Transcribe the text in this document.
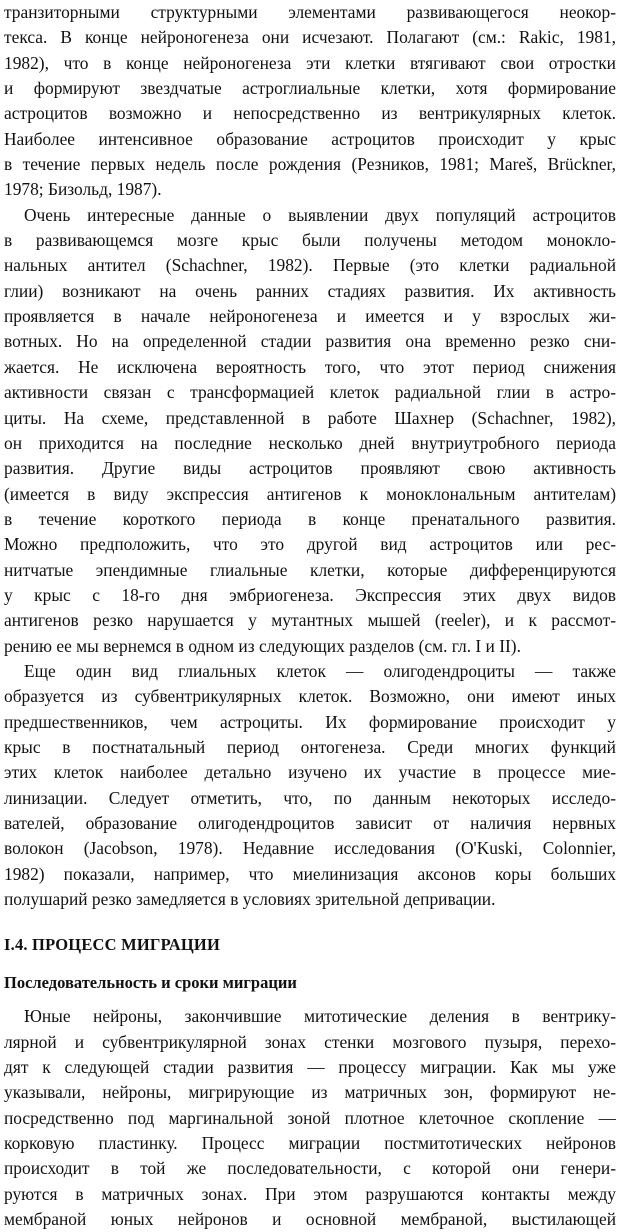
транзиторными структурными элементами развивающегося неокор-
текса. В конце нейроногенеза они исчезают. Полагают (см.: Rakic, 1981,
1982), что в конце нейроногенеза эти клетки втягивают свои отростки
и формируют звездчатые астроглиальные клетки, хотя формирование
астроцитов возможно и непосредственно из вентрикулярных клеток.
Наиболее интенсивное образование астроцитов происходит у крыс
в течение первых недель после рождения (Резников, 1981; Mareš, Brückner,
1978; Бизольд, 1987).
Очень интересные данные о выявлении двух популяций астроцитов
в развивающемся мозге крыс были получены методом моноклo-
нальных антител (Schachner, 1982). Первые (это клетки радиальной
глии) возникают на очень ранних стадиях развития. Их активность
проявляется в начале нейроногенеза и имеется и у взрослых жи-
вотных. Но на определенной стадии развития она временно резко сни-
жается. Не исключена вероятность того, что этот период снижения
активности связан с трансформацией клеток радиальной глии в астро-
циты. На схеме, представленной в работе Шахнер (Schachner, 1982),
он приходится на последние несколько дней внутриутробного периода
развития. Другие виды астроцитов проявляют свою активность
(имеется в виду экспрессия антигенов к моноклональным антителам)
в течение короткого периода в конце пренатального развития.
Можно предположить, что это другой вид астроцитов или рес-
нитчатые эпендимные глиальные клетки, которые дифференцируются
у крыс с 18-го дня эмбриогенеза. Экспрессия этих двух видов
антигенов резко нарушается у мутантных мышей (reeler), и к рассмот-
рению ее мы вернемся в одном из следующих разделов (см. гл. I и II).
Еще один вид глиальных клеток — олигодендроциты — также
образуется из субвентрикулярных клеток. Возможно, они имеют иных
предшественников, чем астроциты. Их формирование происходит у
крыс в постнатальный период онтогенеза. Среди многих функций
этих клеток наиболее детально изучено их участие в процессе мие-
линизации. Следует отметить, что, по данным некоторых исследо-
вателей, образование олигодендроцитов зависит от наличия нервных
волокон (Jacobson, 1978). Недавние исследования (O'Kuski, Colonnier,
1982) показали, например, что миелинизация аксонов коры больших
полушарий резко замедляется в условиях зрительной депривации.
I.4. ПРОЦЕСС МИГРАЦИИ
Последовательность и сроки миграции
Юные нейроны, закончившие митотические деления в вентрику-
лярной и субвентрикулярной зонах стенки мозгового пузыря, перехо-
дят к следующей стадии развития — процессу миграции. Как мы уже
указывали, нейроны, мигрирующие из матричных зон, формируют не-
посредственно под маргинальной зоной плотное клеточное скопление —
корковую пластинку. Процесс миграции постмитотических нейронов
происходит в той же последовательности, с которой они генери-
руются в матричных зонах. При этом разрушаются контакты между
мембраной юных нейронов и основной мембраной, выстилающей
